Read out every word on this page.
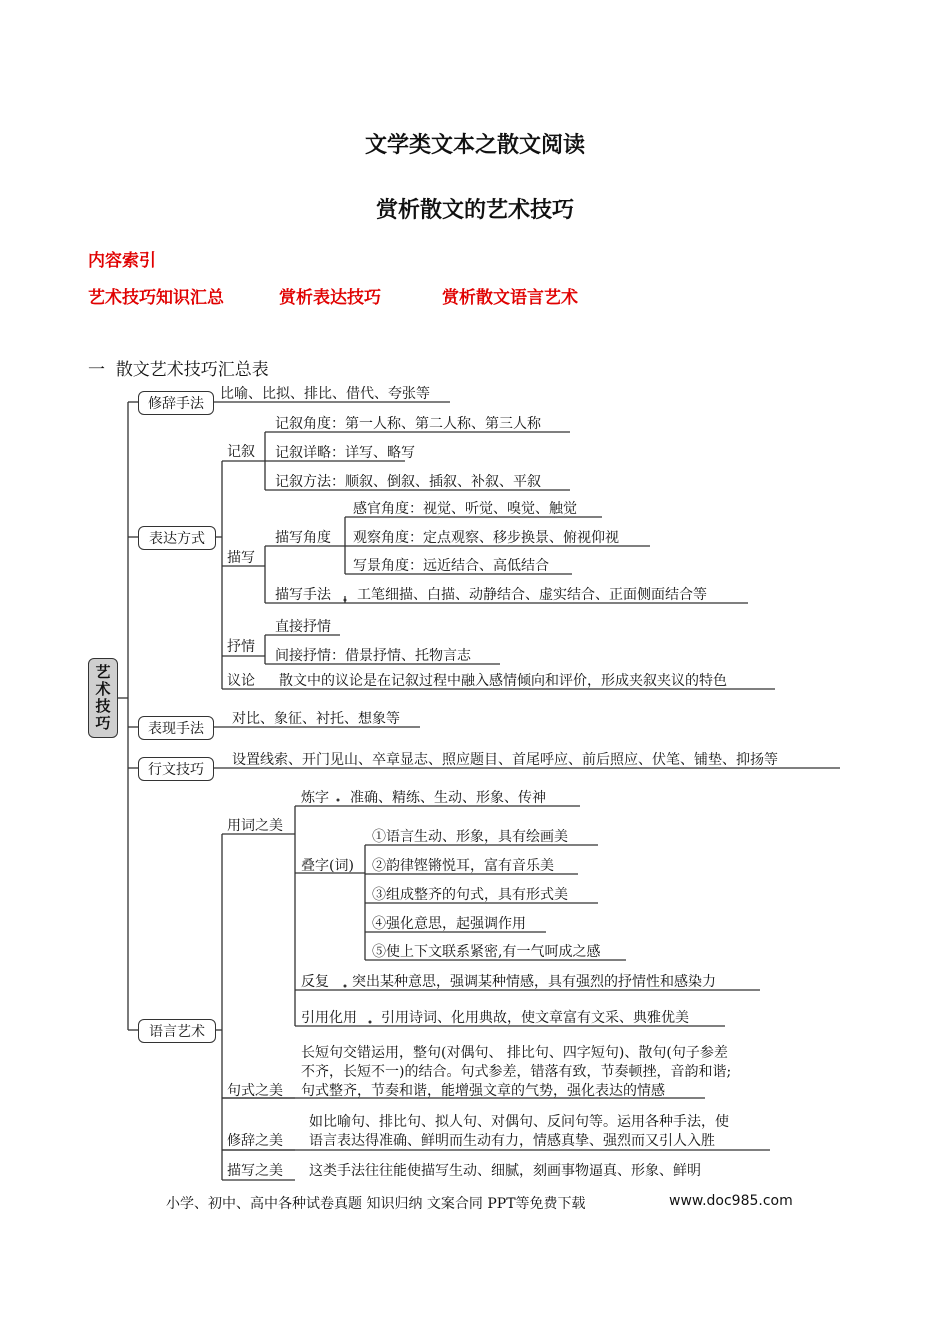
文学类文本之散文阅读
赏析散文的艺术技巧
内容索引
艺术技巧知识汇总	赏析表达技巧	赏析散文语言艺术
一 散文艺术技巧汇总表
艺术技巧
修辞手法
表达方式
表现手法
行文技巧
语言艺术
比喻、比拟、排比、借代、夸张等
记叙
记叙角度：第一人称、第二人称、第三人称
记叙详略：详写、略写
记叙方法：顺叙、倒叙、插叙、补叙、平叙
描写
描写角度
感官角度：视觉、听觉、嗅觉、触觉
观察角度：定点观察、移步换景、俯视仰视
写景角度：远近结合、高低结合
描写手法 工笔细描、白描、动静结合、虚实结合、正面侧面结合等
抒情
直接抒情
间接抒情：借景抒情、托物言志
议论 散文中的议论是在记叙过程中融入感情倾向和评价，形成夹叙夹议的特色
对比、象征、衬托、想象等
设置线索、开门见山、卒章显志、照应题目、首尾呼应、前后照应、伏笔、铺垫、抑扬等
用词之美
炼字 准确、精练、生动、形象、传神
叠字(词)
①语言生动、形象，具有绘画美
②韵律铿锵悦耳，富有音乐美
③组成整齐的句式，具有形式美
④强化意思，起强调作用
⑤使上下文联系紧密,有一气呵成之感
反复 突出某种意思，强调某种情感，具有强烈的抒情性和感染力
引用化用 引用诗词、化用典故，使文章富有文采、典雅优美
句式之美
长短句交错运用，整句(对偶句、 排比句、四字短句)、散句(句子参差
不齐，长短不一)的结合。句式参差，错落有致，节奏顿挫，音韵和谐;
句式整齐，节奏和谐，能增强文章的气势，强化表达的情感
修辞之美
如比喻句、排比句、拟人句、对偶句、反问句等。运用各种手法，使
语言表达得准确、鲜明而生动有力，情感真挚、强烈而又引人入胜
描写之美 这类手法往往能使描写生动、细腻，刻画事物逼真、形象、鲜明
小学、初中、高中各种试卷真题 知识归纳 文案合同 PPT等免费下载	www.doc985.com
